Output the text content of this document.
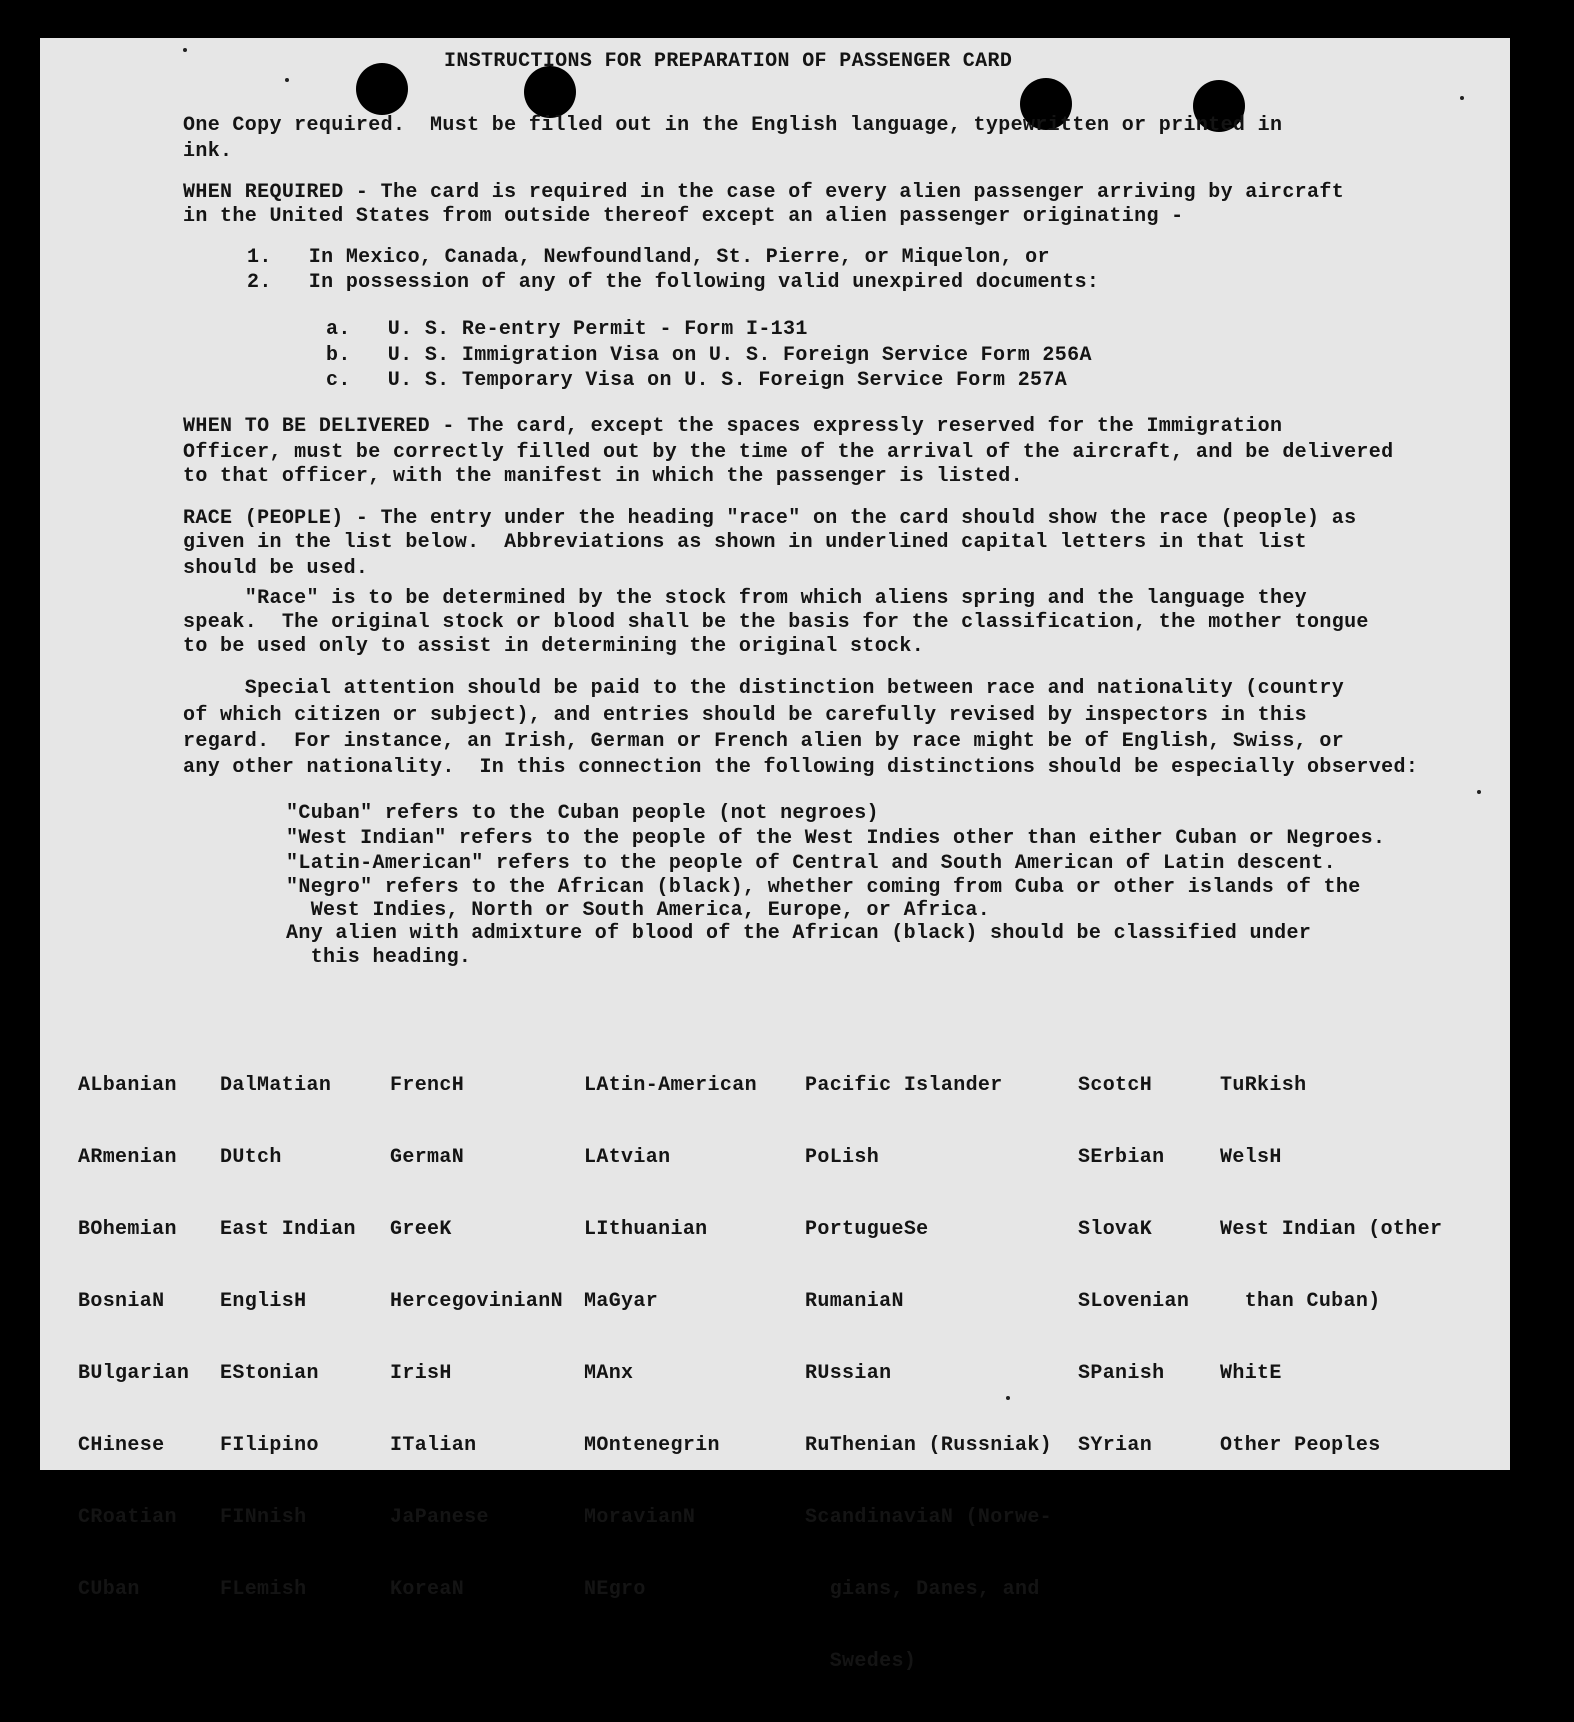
INSTRUCTIONS FOR PREPARATION OF PASSENGER CARD
One Copy required.  Must be filled out in the English language, typewritten or printed in
ink.
WHEN REQUIRED - The card is required in the case of every alien passenger arriving by aircraft
in the United States from outside thereof except an alien passenger originating -
1.   In Mexico, Canada, Newfoundland, St. Pierre, or Miquelon, or
2.   In possession of any of the following valid unexpired documents:
a.   U. S. Re-entry Permit - Form I-131
b.   U. S. Immigration Visa on U. S. Foreign Service Form 256A
c.   U. S. Temporary Visa on U. S. Foreign Service Form 257A
WHEN TO BE DELIVERED - The card, except the spaces expressly reserved for the Immigration
Officer, must be correctly filled out by the time of the arrival of the aircraft, and be delivered
to that officer, with the manifest in which the passenger is listed.
RACE (PEOPLE) - The entry under the heading "race" on the card should show the race (people) as
given in the list below.  Abbreviations as shown in underlined capital letters in that list
should be used.
"Race" is to be determined by the stock from which aliens spring and the language they
speak.  The original stock or blood shall be the basis for the classification, the mother tongue
to be used only to assist in determining the original stock.
Special attention should be paid to the distinction between race and nationality (country
of which citizen or subject), and entries should be carefully revised by inspectors in this
regard.  For instance, an Irish, German or French alien by race might be of English, Swiss, or
any other nationality.  In this connection the following distinctions should be especially observed:
"Cuban" refers to the Cuban people (not negroes)
"West Indian" refers to the people of the West Indies other than either Cuban or Negroes.
"Latin-American" refers to the people of Central and South American of Latin descent.
"Negro" refers to the African (black), whether coming from Cuba or other islands of the
West Indies, North or South America, Europe, or Africa.
Any alien with admixture of blood of the African (black) should be classified under
this heading.

ALbanian

ARmenian

BOhemian

BosniaN

BUlgarian

CHinese

CRoatian

CUban

DalMatian

DUtch

East Indian

EnglisH

EStonian

FIlipino

FINnish

FLemish

FrencH

GermaN

GreeK

HercegovinianN

IrisH

ITalian

JaPanese

KoreaN

LAtin-American

LAtvian

LIthuanian

MaGyar

MAnx

MOntenegrin

MoravianN

NEgro

Pacific Islander

PoLish

PortugueSe

RumaniaN

RUssian

RuThenian (Russniak)

ScandinaviaN (Norwe-

gians, Danes, and

Swedes)

ScotcH

SErbian

SlovaK

SLovenian

SPanish

SYrian

TuRkish

WelsH

West Indian (other

than Cuban)

WhitE

Other Peoples
